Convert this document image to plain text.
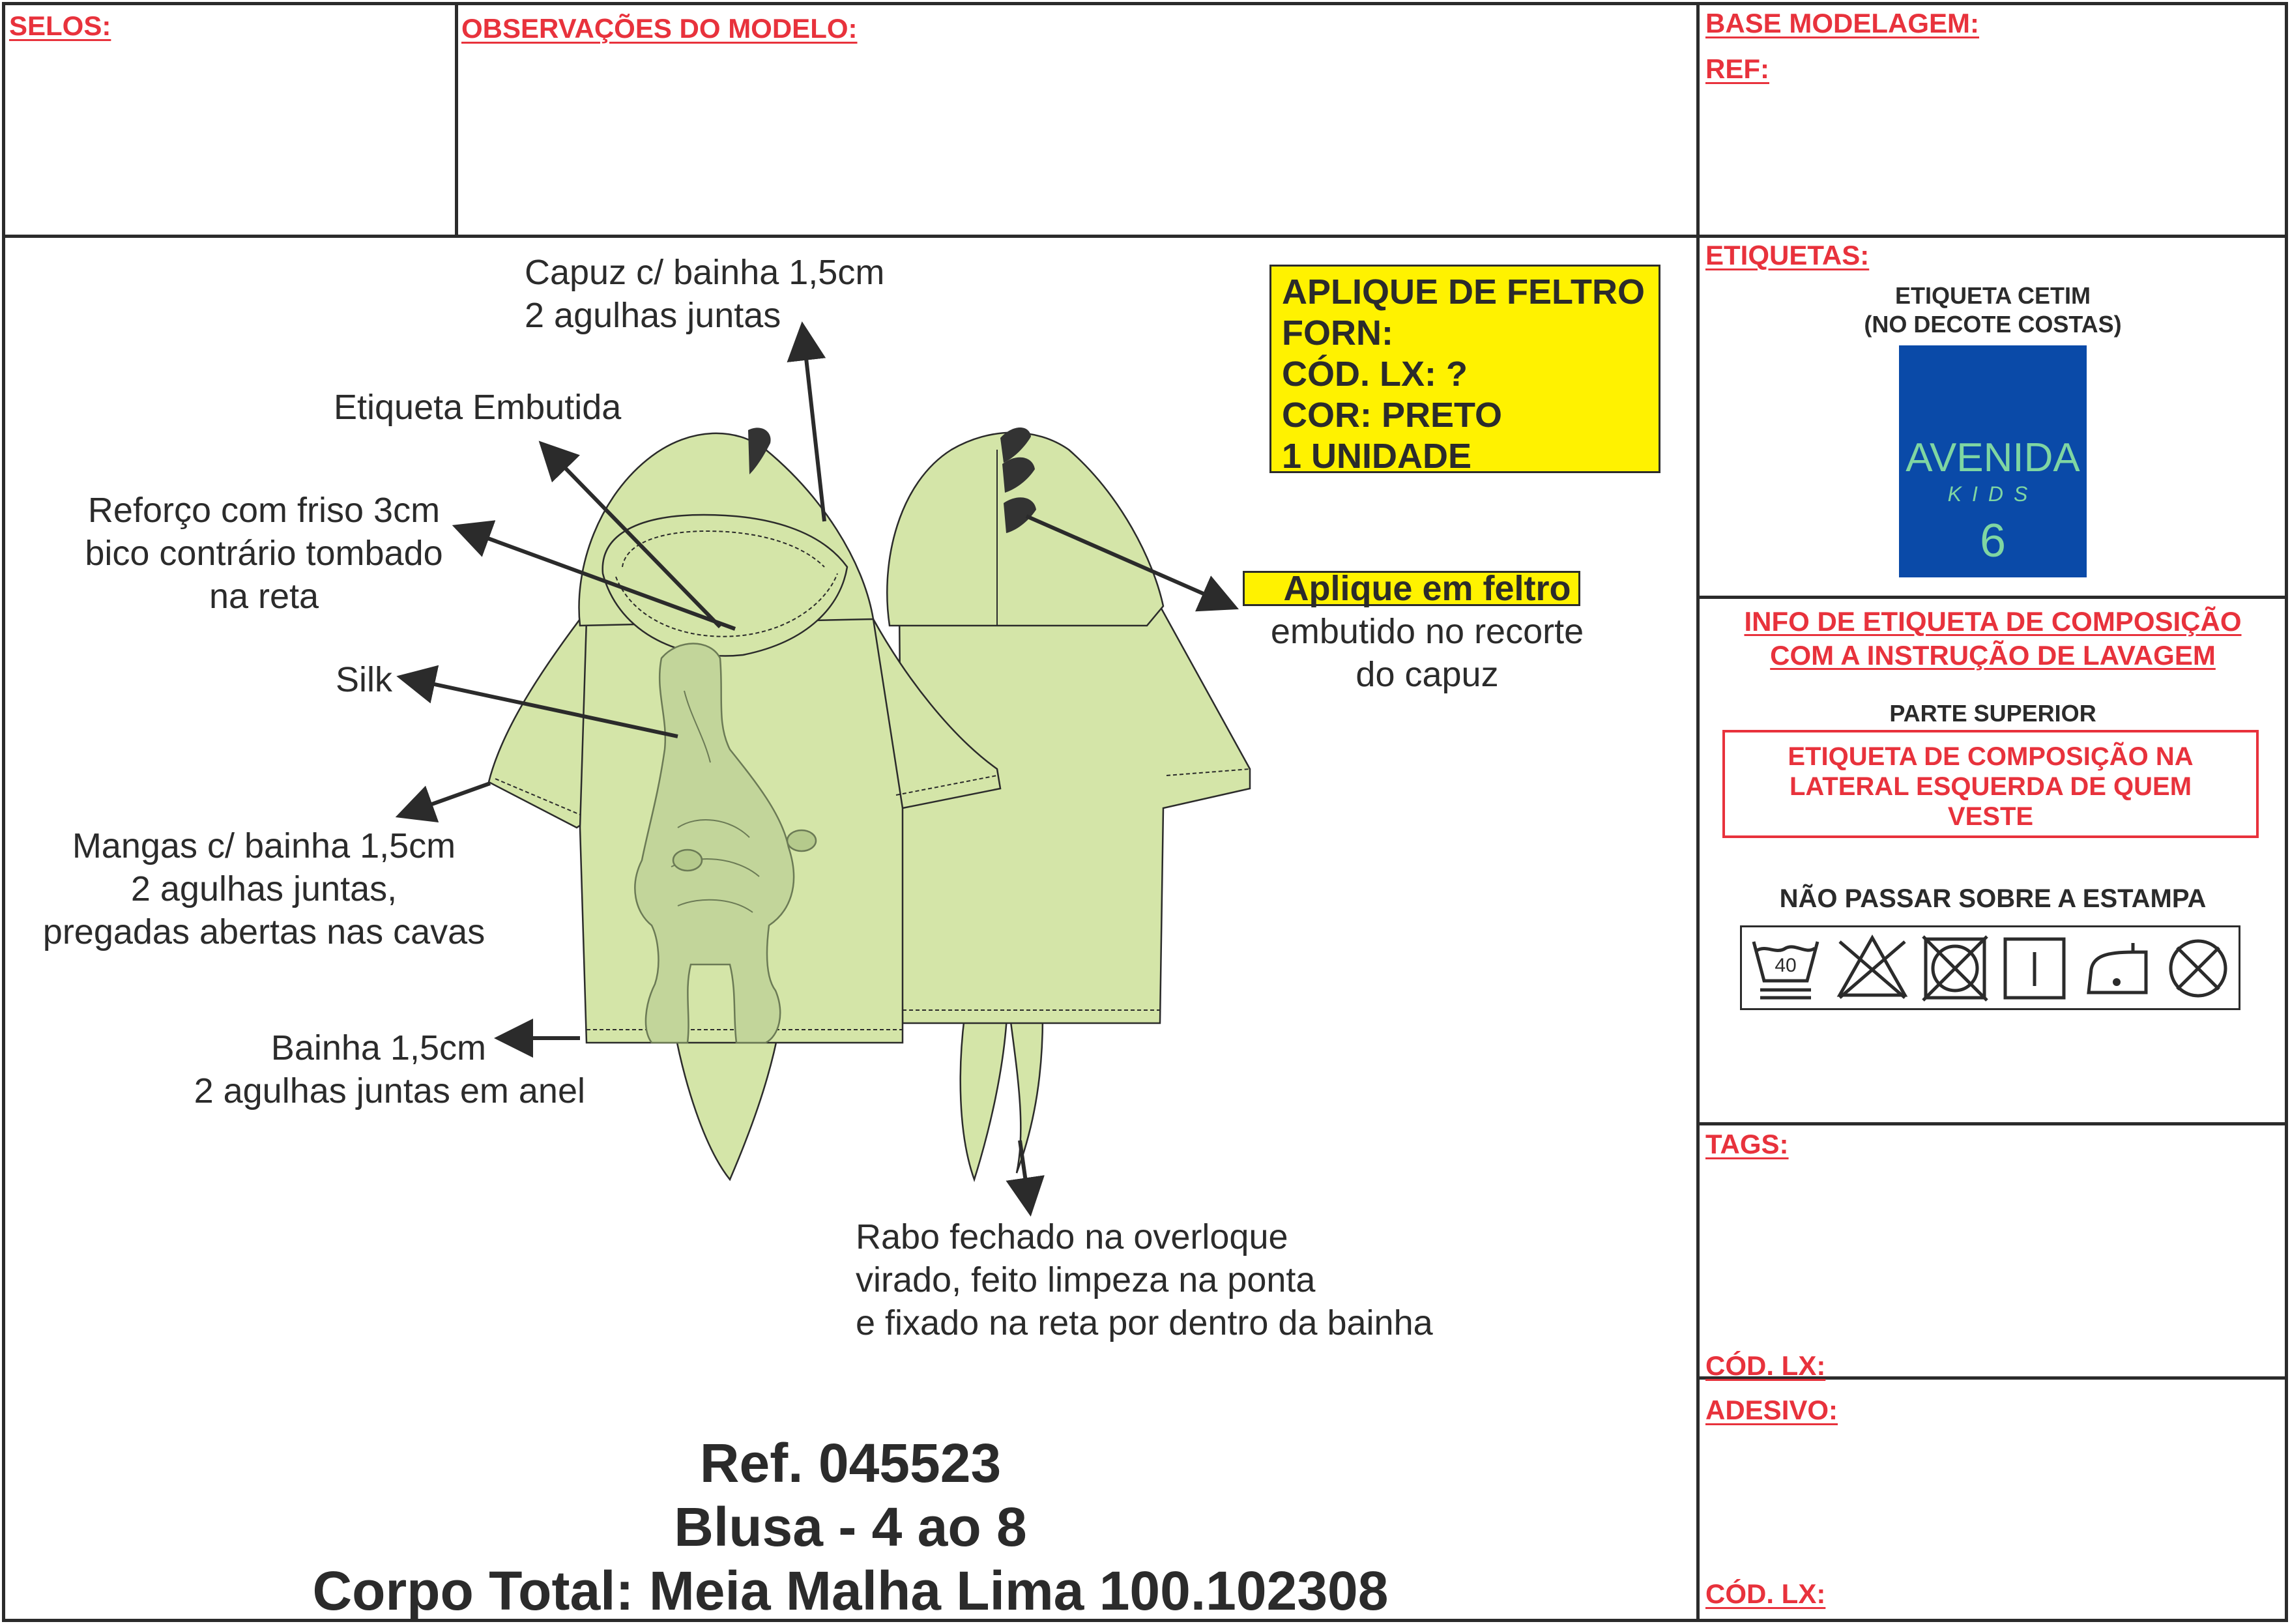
SELOS:	OBSERVAÇÕES DO MODELO:	BASE MODELAGEM:
REF:
Capuz c/ bainha 1,5cm
2 agulhas juntas
Etiqueta Embutida
Reforço com friso 3cm
bico contrário tombado
na reta
Silk
Mangas c/ bainha 1,5cm
2 agulhas juntas,
pregadas abertas nas cavas
Bainha 1,5cm
2 agulhas juntas em anel
Rabo fechado na overloque
virado, feito limpeza na ponta
e fixado na reta por dentro da bainha
Aplique em feltro
embutido no recorte
do capuz
APLIQUE DE FELTRO
FORN:
CÓD. LX: ?
COR: PRETO
1 UNIDADE
Ref. 045523
Blusa - 4 ao 8
Corpo Total: Meia Malha Lima 100.102308
ETIQUETAS:
ETIQUETA CETIM
(NO DECOTE COSTAS)
AVENIDA
KIDS
6
INFO DE ETIQUETA DE COMPOSIÇÃO
COM A INSTRUÇÃO DE LAVAGEM
PARTE SUPERIOR
ETIQUETA DE COMPOSIÇÃO NA
LATERAL ESQUERDA DE QUEM
VESTE
NÃO PASSAR SOBRE A ESTAMPA
40
TAGS:
CÓD. LX:
ADESIVO:
CÓD. LX:
